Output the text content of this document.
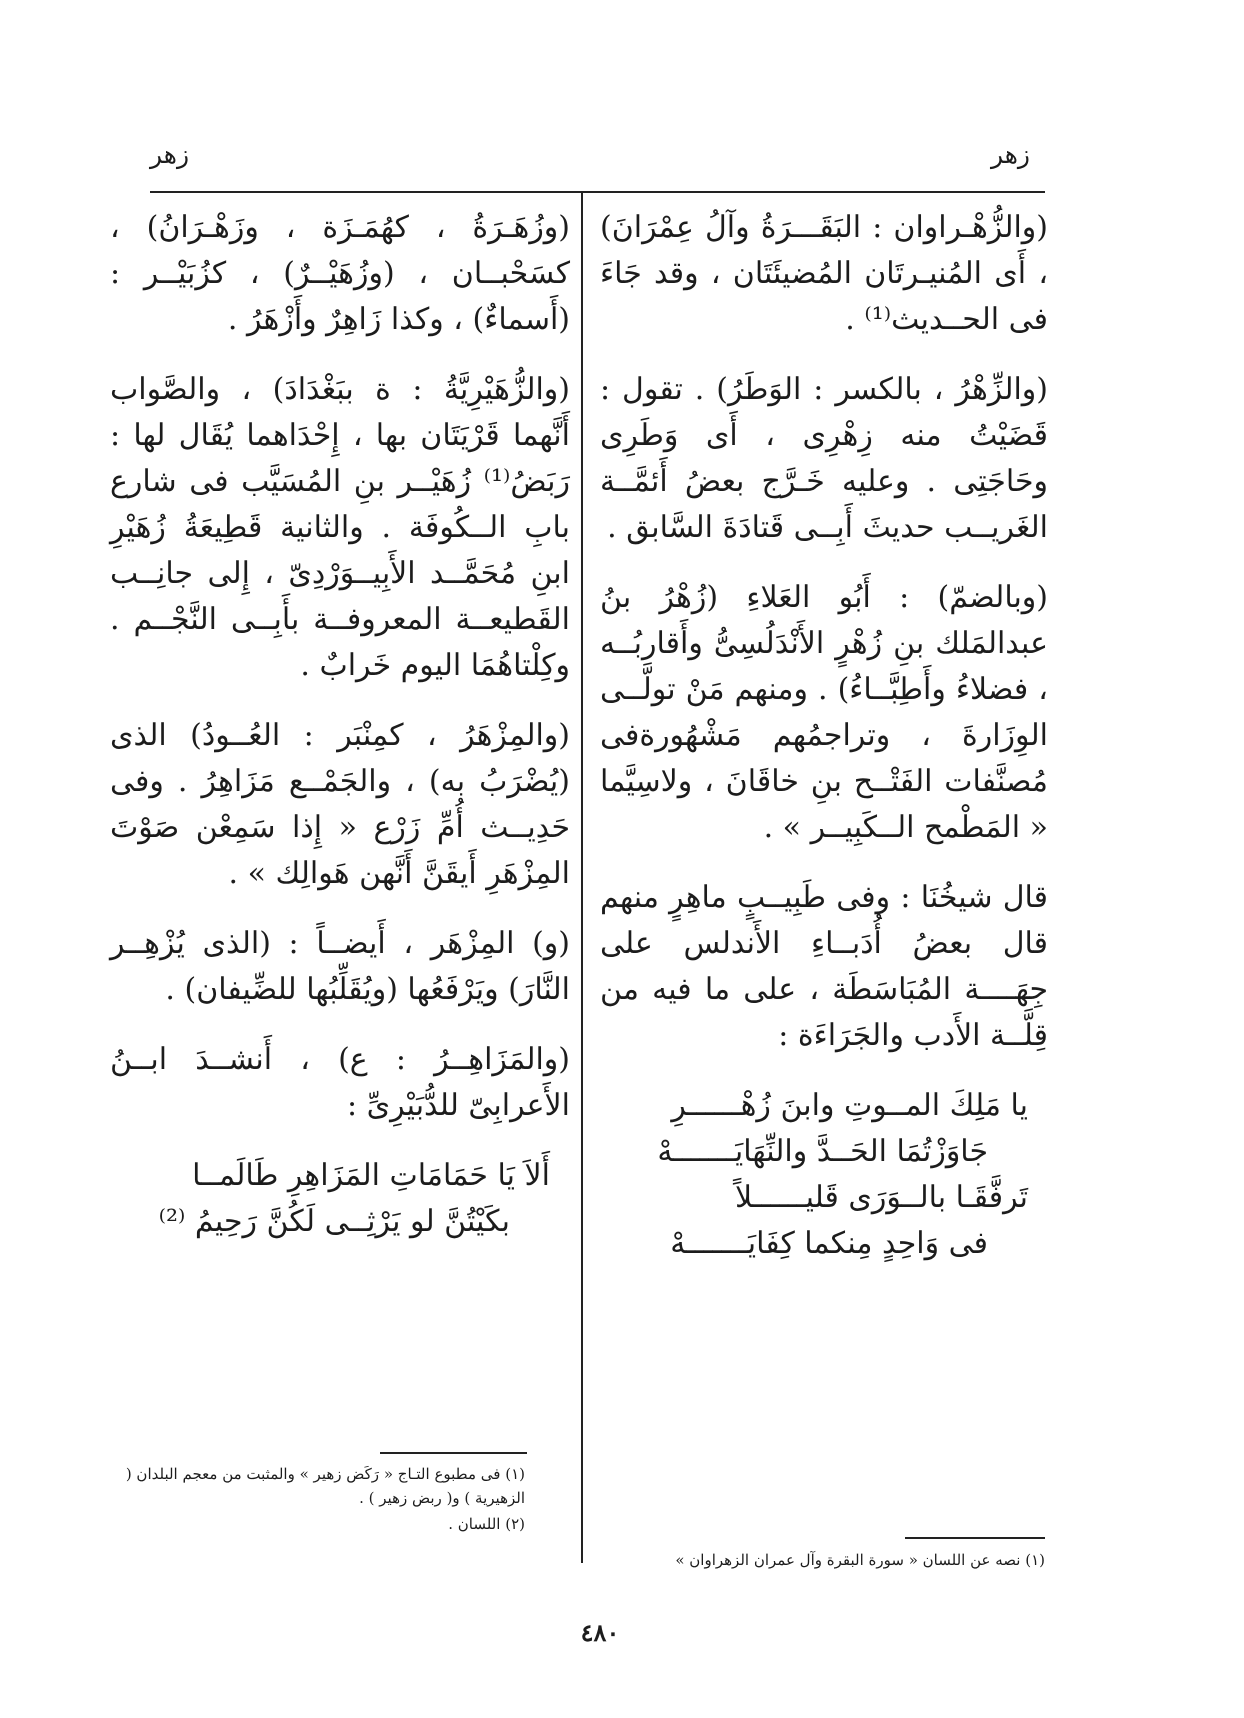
زهر
زهر

(والزُّهْـراوان : البَقَـــرَةُ وآلُ عِمْرَانَ) ، أَى المُنيـرتَان المُضيئَتَان ، وقد جَاءَ فى الحــديث⁽¹⁾ .

(والزِّهْرُ ، بالكسر : الوَطَرُ) . تقول : قَضَيْتُ منه زِهْرِى ، أَى وَطَرِى وحَاجَتِى . وعليه خَـرَّج بعضُ أَئمَّــة الغَريــب حديثَ أَبِــى قَتادَةَ السَّابق .

(وبالضمّ) : أَبُو العَلاءِ (زُهْرُ بنُ عبدالمَلك بنِ زُهْرٍ الأَنْدَلُسِىُّ وأَقاربُــه ، فضلاءُ وأَطِبَّــاءُ) . ومنهم مَنْ تولَّــى الوِزَارةَ ، وتراجمُهم مَشْهُورةفى مُصنَّفات الفَتْــح بنِ خاقَانَ ، ولاسِيَّما « المَطْمح الــكَبِيــر » .

قال شيخُنَا : وفى طَبِيــبٍ ماهِرٍ منهم قال بعضُ أُدَبــاءِ الأَندلس على جِهَــــة المُبَاسَطَة ، على ما فيه من قِلَّــة الأَدب والجَرَاءَة :

يا مَلِكَ المــوتِ وابنَ زُهْــــــرِ
جَاوَزْتُمَا الحَــدَّ والنِّهَايَـــــــهْ
تَرفَّقَـا بالــوَرَى قَليــــــلاً
فى وَاحِدٍ مِنكما كِفَايَـــــــهْ

(وزُهَـرَةُ ، كهُمَـزَة ، وزَهْـرَانُ) ، كسَحْبــان ، (وزُهَيْــرٌ) ، كزُبَيْــر : (أَسماءٌ) ، وكذا زَاهِرٌ وأَزْهَرُ .

(والزُّهَيْرِيَّةُ : ة ببَغْدَادَ) ، والصَّواب أَنَّهما قَرْيَتَان بها ، إِحْدَاهما يُقَال لها : رَبَضُ⁽¹⁾ زُهَيْــر بنِ المُسَيَّب فى شارع بابِ الــكُوفَة . والثانية قَطِيعَةُ زُهَيْرِ ابنِ مُحَمَّــد الأَبِيــوَرْدِىّ ، إِلى جانِــب القَطيعــة المعروفــة بأَبِــى النَّجْــم . وكِلْتاهُمَا اليوم خَرابٌ .

(والمِزْهَرُ ، كمِنْبَر : العُــودُ) الذى (يُضْرَبُ به) ، والجَمْــع مَزَاهِرُ . وفى حَدِيــث أُمِّ زَرْع « إِذا سَمِعْن صَوْتَ المِزْهَرِ أَيقَنَّ أَنَّهن هَوالِك » .

(و) المِزْهَر ، أَيضــاً : (الذى يُزْهِــر النَّارَ) ويَرْفَعُها (ويُقَلِّبُها للضِّيفان) .

(والمَزَاهِــرُ : ع) ، أَنشــدَ ابــنُ الأَعرابِىّ للدُّبَيْرِىِّ :

أَلاَ يَا حَمَامَاتِ المَزَاهِرِ طَالَمــا
بكَيْتُنَّ لو يَرْثِــى لَكُنَّ رَحِيمُ ⁽²⁾
(١) فى مطبوع التـاج « رَكَض زهير » والمثبت من معجم البلدان ( الزهيرية ) و( ربض زهير ) .
(٢) اللسان .
(١) نصه عن اللسان « سورة البقرة وآل عمران الزهراوان »
٤٨٠
